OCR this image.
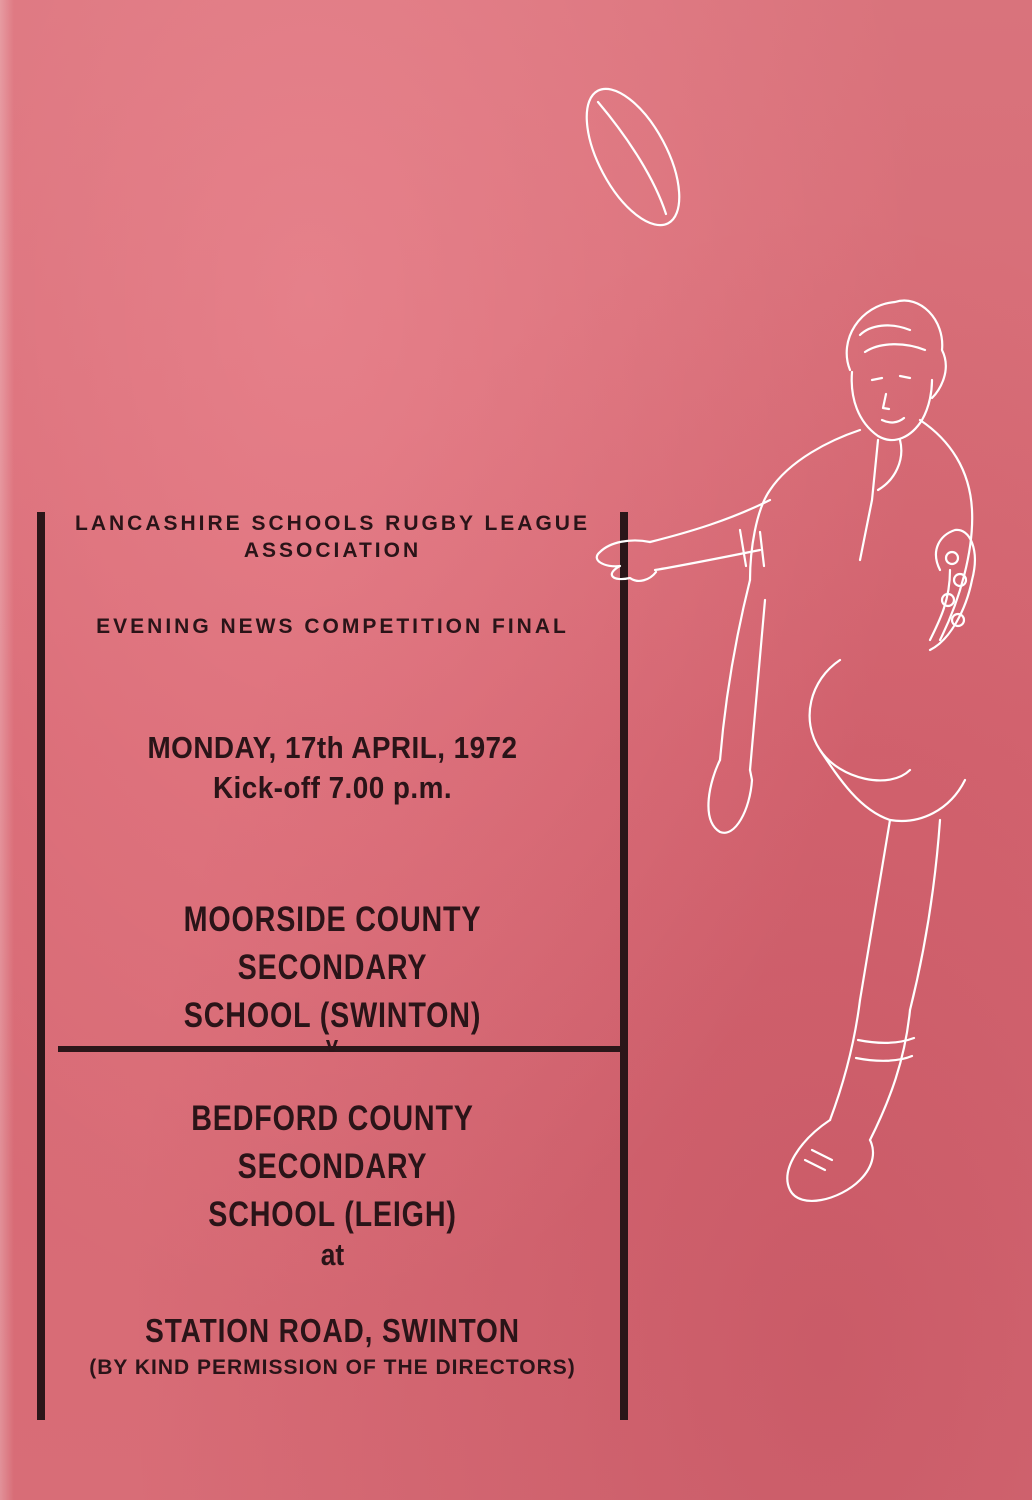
LANCASHIRE SCHOOLS RUGBY LEAGUE
ASSOCIATION

EVENING NEWS COMPETITION FINAL

MONDAY, 17th APRIL, 1972
Kick-off 7.00 p.m.

MOORSIDE COUNTY SECONDARY
SCHOOL (SWINTON)

v

BEDFORD COUNTY SECONDARY
SCHOOL (LEIGH)

at

STATION ROAD, SWINTON

(BY KIND PERMISSION OF THE DIRECTORS)
